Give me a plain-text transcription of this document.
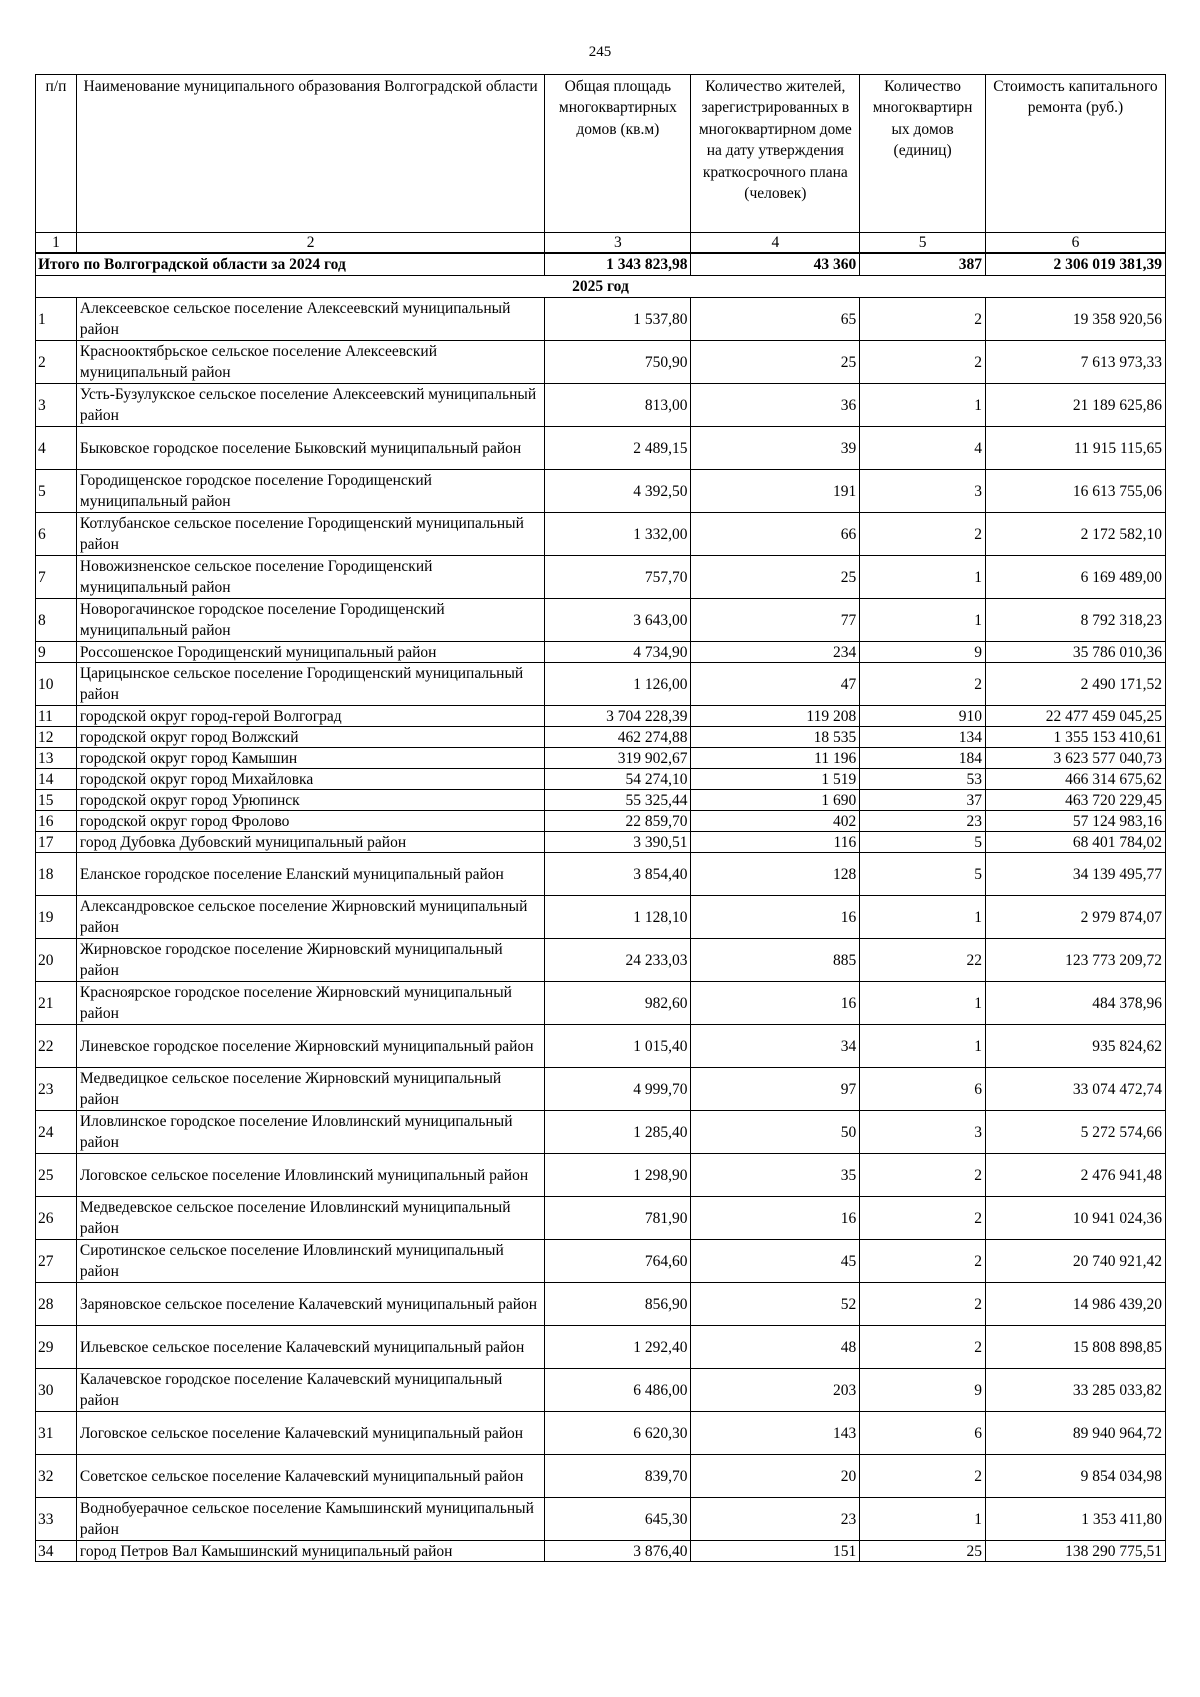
245
п/п	Наименование муниципального образования Волгоградской области	Общая площадь многоквартирных домов (кв.м)	Количество жителей, зарегистрированных в многоквартирном доме на дату утверждения краткосрочного плана (человек)	Количество многоквартирн ых домов (единиц)	Стоимость капитального ремонта (руб.)
1	2	3	4	5	6
Итого по Волгоградской области за 2024 год		1 343 823,98	43 360	387	2 306 019 381,39
2025 год					
1	Алексеевское сельское поселение Алексеевский муниципальный район	1 537,80	65	2	19 358 920,56
2	Краснооктябрьское сельское поселение Алексеевский муниципальный район	750,90	25	2	7 613 973,33
3	Усть-Бузулукское сельское поселение Алексеевский муниципальный район	813,00	36	1	21 189 625,86
4	Быковское городское поселение Быковский муниципальный район	2 489,15	39	4	11 915 115,65
5	Городищенское городское поселение Городищенский муниципальный район	4 392,50	191	3	16 613 755,06
6	Котлубанское сельское поселение Городищенский муниципальный район	1 332,00	66	2	2 172 582,10
7	Новожизненское сельское поселение Городищенский муниципальный район	757,70	25	1	6 169 489,00
8	Новорогачинское городское поселение Городищенский муниципальный район	3 643,00	77	1	8 792 318,23
9	Россошенское Городищенский муниципальный район	4 734,90	234	9	35 786 010,36
10	Царицынское сельское поселение Городищенский муниципальный район	1 126,00	47	2	2 490 171,52
11	городской округ город-герой Волгоград	3 704 228,39	119 208	910	22 477 459 045,25
12	городской округ город Волжский	462 274,88	18 535	134	1 355 153 410,61
13	городской округ город Камышин	319 902,67	11 196	184	3 623 577 040,73
14	городской округ город Михайловка	54 274,10	1 519	53	466 314 675,62
15	городской округ город Урюпинск	55 325,44	1 690	37	463 720 229,45
16	городской округ город Фролово	22 859,70	402	23	57 124 983,16
17	город Дубовка Дубовский муниципальный район	3 390,51	116	5	68 401 784,02
18	Еланское городское поселение Еланский муниципальный район	3 854,40	128	5	34 139 495,77
19	Александровское сельское поселение Жирновский муниципальный район	1 128,10	16	1	2 979 874,07
20	Жирновское городское поселение Жирновский муниципальный район	24 233,03	885	22	123 773 209,72
21	Красноярское городское поселение Жирновский муниципальный район	982,60	16	1	484 378,96
22	Линевское городское поселение Жирновский муниципальный район	1 015,40	34	1	935 824,62
23	Медведицкое сельское поселение Жирновский муниципальный район	4 999,70	97	6	33 074 472,74
24	Иловлинское городское поселение Иловлинский муниципальный район	1 285,40	50	3	5 272 574,66
25	Логовское сельское поселение Иловлинский муниципальный район	1 298,90	35	2	2 476 941,48
26	Медведевское сельское поселение Иловлинский муниципальный район	781,90	16	2	10 941 024,36
27	Сиротинское сельское поселение Иловлинский муниципальный район	764,60	45	2	20 740 921,42
28	Заряновское сельское поселение Калачевский муниципальный район	856,90	52	2	14 986 439,20
29	Ильевское сельское поселение Калачевский муниципальный район	1 292,40	48	2	15 808 898,85
30	Калачевское городское поселение Калачевский муниципальный район	6 486,00	203	9	33 285 033,82
31	Логовское сельское поселение Калачевский муниципальный район	6 620,30	143	6	89 940 964,72
32	Советское сельское поселение Калачевский муниципальный район	839,70	20	2	9 854 034,98
33	Воднобуерачное сельское поселение Камышинский муниципальный район	645,30	23	1	1 353 411,80
34	город Петров Вал Камышинский муниципальный район	3 876,40	151	25	138 290 775,51
